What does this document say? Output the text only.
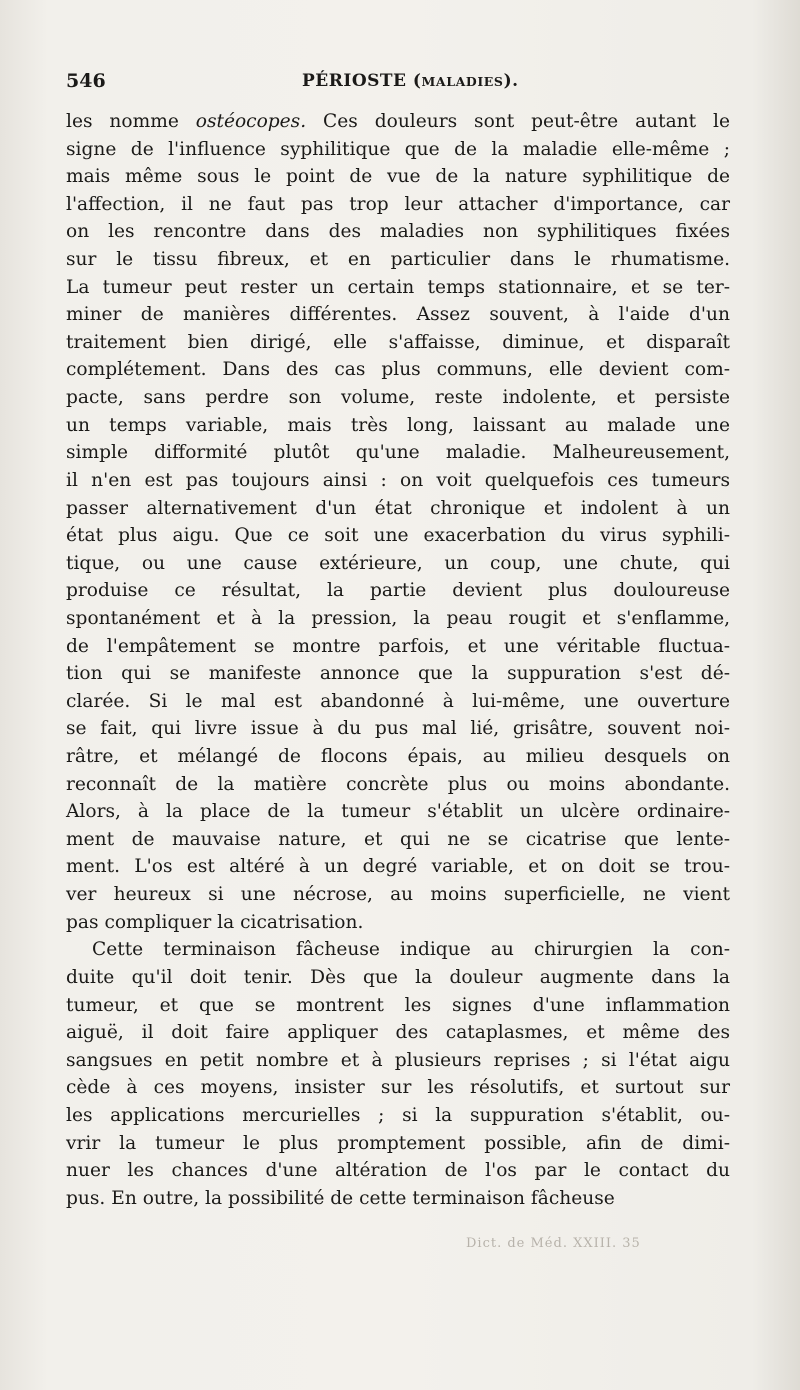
546	PÉRIOSTE (MALADIES).
les nomme ostéocopes. Ces douleurs sont peut-être autant le
signe de l'influence syphilitique que de la maladie elle-même ;
mais même sous le point de vue de la nature syphilitique de
l'affection, il ne faut pas trop leur attacher d'importance, car
on les rencontre dans des maladies non syphilitiques fixées
sur le tissu fibreux, et en particulier dans le rhumatisme.
La tumeur peut rester un certain temps stationnaire, et se ter-
miner de manières différentes. Assez souvent, à l'aide d'un
traitement bien dirigé, elle s'affaisse, diminue, et disparaît
complétement. Dans des cas plus communs, elle devient com-
pacte, sans perdre son volume, reste indolente, et persiste
un temps variable, mais très long, laissant au malade une
simple difformité plutôt qu'une maladie. Malheureusement,
il n'en est pas toujours ainsi : on voit quelquefois ces tumeurs
passer alternativement d'un état chronique et indolent à un
état plus aigu. Que ce soit une exacerbation du virus syphili-
tique, ou une cause extérieure, un coup, une chute, qui
produise ce résultat, la partie devient plus douloureuse
spontanément et à la pression, la peau rougit et s'enflamme,
de l'empâtement se montre parfois, et une véritable fluctua-
tion qui se manifeste annonce que la suppuration s'est dé-
clarée. Si le mal est abandonné à lui-même, une ouverture
se fait, qui livre issue à du pus mal lié, grisâtre, souvent noi-
râtre, et mélangé de flocons épais, au milieu desquels on
reconnaît de la matière concrète plus ou moins abondante.
Alors, à la place de la tumeur s'établit un ulcère ordinaire-
ment de mauvaise nature, et qui ne se cicatrise que lente-
ment. L'os est altéré à un degré variable, et on doit se trou-
ver heureux si une nécrose, au moins superficielle, ne vient
pas compliquer la cicatrisation.
Cette terminaison fâcheuse indique au chirurgien la con-
duite qu'il doit tenir. Dès que la douleur augmente dans la
tumeur, et que se montrent les signes d'une inflammation
aiguë, il doit faire appliquer des cataplasmes, et même des
sangsues en petit nombre et à plusieurs reprises ; si l'état aigu
cède à ces moyens, insister sur les résolutifs, et surtout sur
les applications mercurielles ; si la suppuration s'établit, ou-
vrir la tumeur le plus promptement possible, afin de dimi-
nuer les chances d'une altération de l'os par le contact du
pus. En outre, la possibilité de cette terminaison fâcheuse
Dict. de Méd. XXIII. 35
